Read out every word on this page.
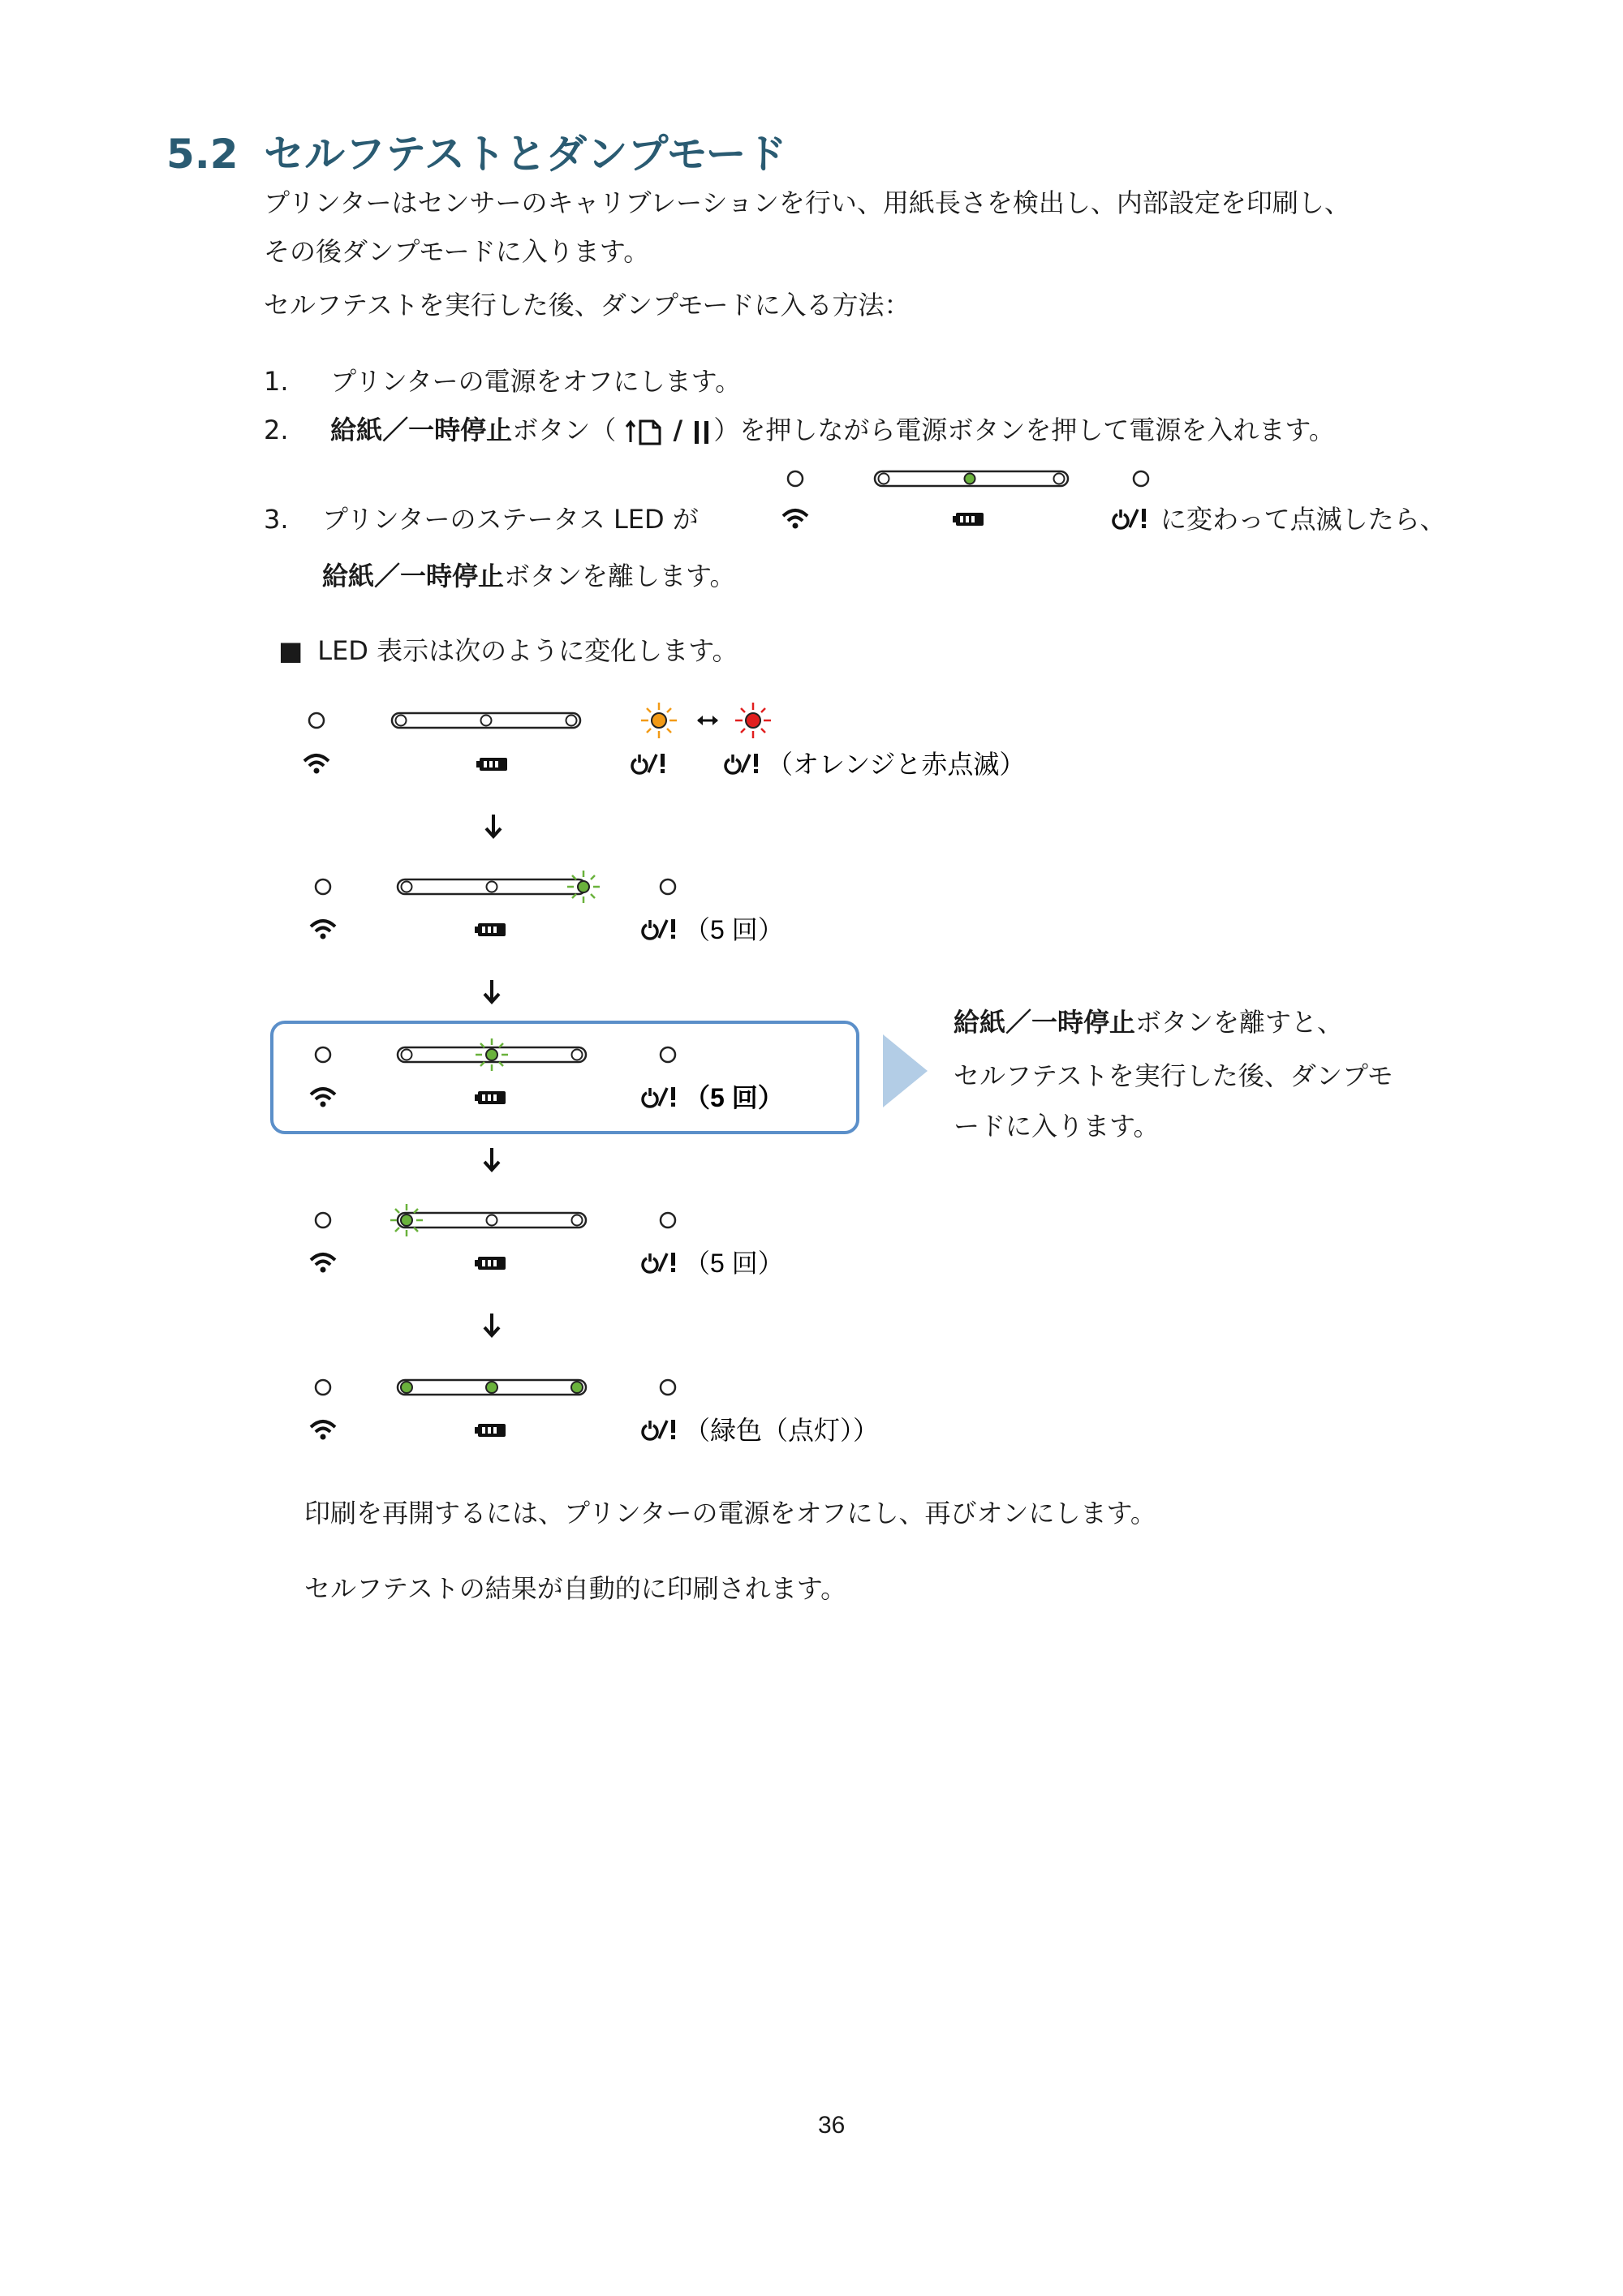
5.2 セルフテストとダンプモード
プリンターはセンサーのキャリブレーションを行い、用紙長さを検出し、内部設定を印刷し、
その後ダンプモードに入ります。
セルフテストを実行した後、ダンプモードに入る方法：
1. プリンターの電源をオフにします。
2. 給紙／一時停止ボタン（ / ）を押しながら電源ボタンを押して電源を入れます。
3. プリンターのステータス LED が	に変わって点滅したら、
給紙／一時停止ボタンを離します。
■ LED 表示は次のように変化します。
（オレンジと赤点滅）
（5 回）
（5 回）
（5 回）
（緑色（点灯））
給紙／一時停止ボタンを離すと、
セルフテストを実行した後、ダンプモ
ードに入ります。
印刷を再開するには、プリンターの電源をオフにし、再びオンにします。
セルフテストの結果が自動的に印刷されます。
36
